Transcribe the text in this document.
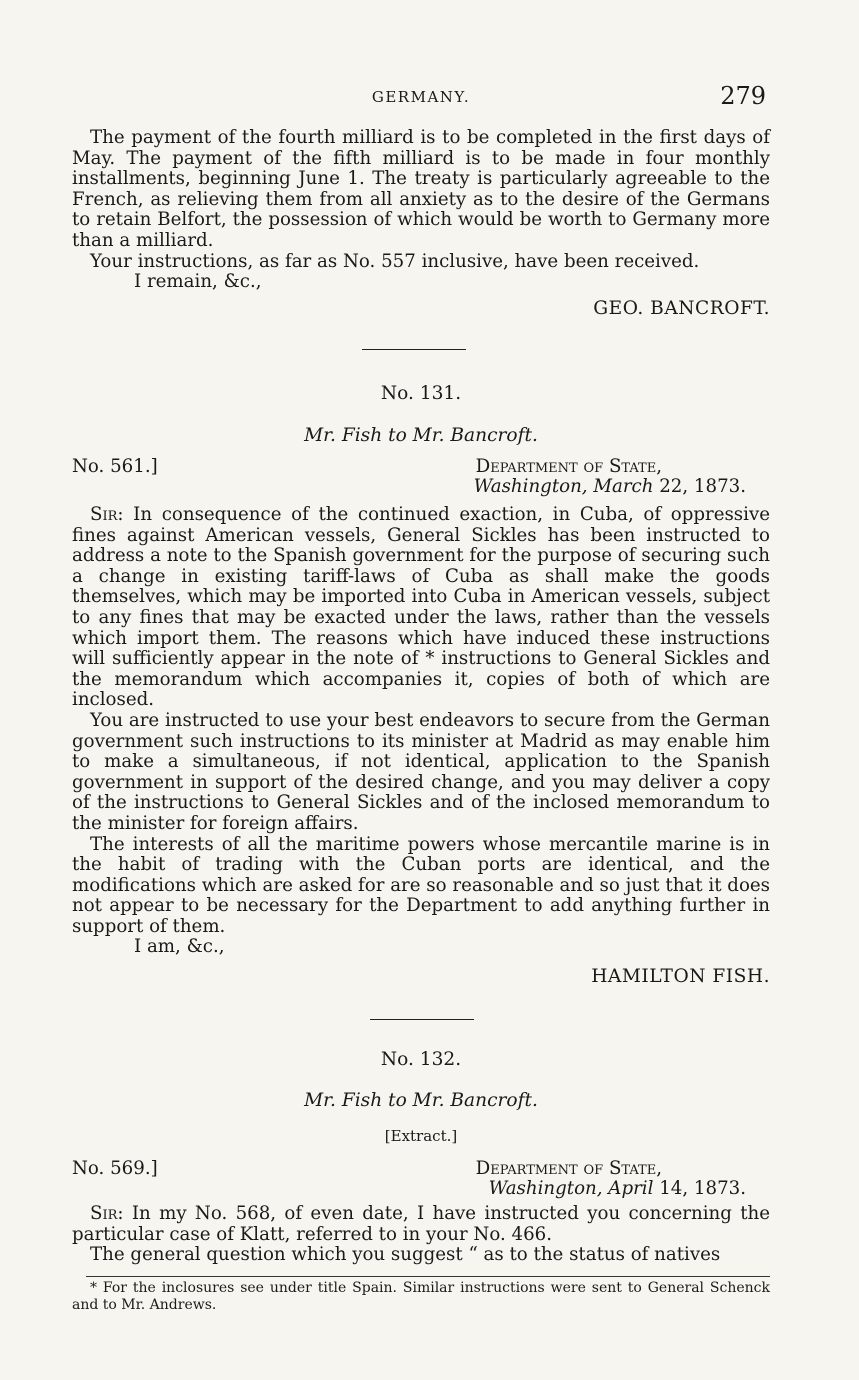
GERMANY.	279

The payment of the fourth milliard is to be completed in the first days of May. The payment of the fifth milliard is to be made in four monthly installments, beginning June 1. The treaty is particularly agreeable to the French, as relieving them from all anxiety as to the desire of the Germans to retain Belfort, the possession of which would be worth to Germany more than a milliard.

Your instructions, as far as No. 557 inclusive, have been received.

I remain, &c.,
GEO. BANCROFT.
No. 131.
Mr. Fish to Mr. Bancroft.
No. 561.]	Department of State,
Washington, March 22, 1873.

Sir: In consequence of the continued exaction, in Cuba, of oppressive fines against American vessels, General Sickles has been instructed to address a note to the Spanish government for the purpose of securing such a change in existing tariff-laws of Cuba as shall make the goods themselves, which may be imported into Cuba in American vessels, subject to any fines that may be exacted under the laws, rather than the vessels which import them. The reasons which have induced these instructions will sufficiently appear in the note of * instructions to General Sickles and the memorandum which accompanies it, copies of both of which are inclosed.

You are instructed to use your best endeavors to secure from the German government such instructions to its minister at Madrid as may enable him to make a simultaneous, if not identical, application to the Spanish government in support of the desired change, and you may deliver a copy of the instructions to General Sickles and of the inclosed memorandum to the minister for foreign affairs.

The interests of all the maritime powers whose mercantile marine is in the habit of trading with the Cuban ports are identical, and the modifications which are asked for are so reasonable and so just that it does not appear to be necessary for the Department to add anything further in support of them.

I am, &c.,
HAMILTON FISH.
No. 132.
Mr. Fish to Mr. Bancroft.
[Extract.]
No. 569.]	Department of State,
Washington, April 14, 1873.

Sir: In my No. 568, of even date, I have instructed you concerning the particular case of Klatt, referred to in your No. 466.

The general question which you suggest “ as to the status of natives

* For the inclosures see under title Spain. Similar instructions were sent to General Schenck and to Mr. Andrews.
